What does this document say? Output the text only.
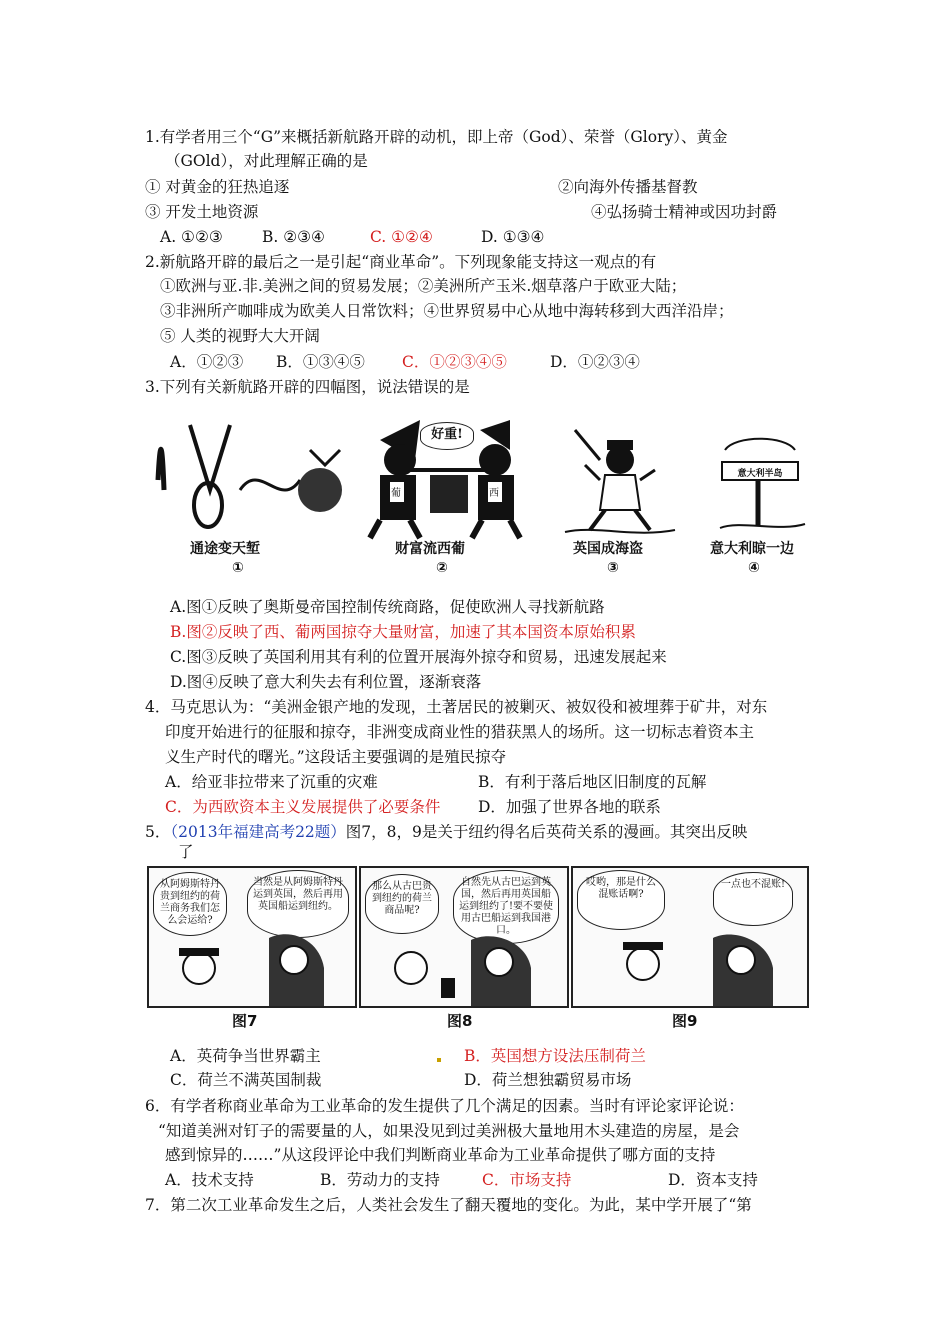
1.有学者用三个“G”来概括新航路开辟的动机，即上帝（God）、荣誉（Glory）、黄金
（GOld），对此理解正确的是
① 对黄金的狂热追逐	②向海外传播基督教
③ 开发土地资源	④弘扬骑士精神或因功封爵
A. ①②③	B. ②③④	C. ①②④	D. ①③④
2.新航路开辟的最后之一是引起“商业革命”。下列现象能支持这一观点的有
①欧洲与亚.非.美洲之间的贸易发展；②美洲所产玉米.烟草落户于欧亚大陆；
③非洲所产咖啡成为欧美人日常饮料；④世界贸易中心从地中海转移到大西洋沿岸；
⑤ 人类的视野大大开阔
A．①②③ B．①③④⑤ C．①②③④⑤	D．①②③④
3.下列有关新航路开辟的四幅图，说法错误的是
通途变天堑
①
好重!
葡	西
财富流西葡
②
英国成海盗
③
意大利半岛
意大利晾一边
④
A.图①反映了奥斯曼帝国控制传统商路，促使欧洲人寻找新航路
B.图②反映了西、葡两国掠夺大量财富，加速了其本国资本原始积累
C.图③反映了英国利用其有利的位置开展海外掠夺和贸易，迅速发展起来
D.图④反映了意大利失去有利位置，逐渐衰落
4．马克思认为：“美洲金银产地的发现，土著居民的被剿灭、被奴役和被埋葬于矿井，对东
印度开始进行的征服和掠夺，非洲变成商业性的猎获黑人的场所。这一切标志着资本主
义生产时代的曙光。”这段话主要强调的是殖民掠夺
A．给亚非拉带来了沉重的灾难	B．有利于落后地区旧制度的瓦解
C．为西欧资本主义发展提供了必要条件 D．加强了世界各地的联系
5．（2013年福建高考22题）图7，8，9是关于纽约得名后英荷关系的漫画。其突出反映
了
从阿姆斯特丹贵到纽约的荷兰商务我们怎么会运给?
当然是从阿姆斯特丹运到英国，然后再用英国船运到纽约。
图7
那么从古巴贵到纽约的荷兰商品呢?
自然先从古巴运到英国，然后再用英国船运到纽约了!要不要使用古巴船运到我国港口。
图8
哎哟，那是什么混账话啊?
一点也不混账!
图9
A．英荷争当世界霸主	B．英国想方设法压制荷兰
C．荷兰不满英国制裁	D．荷兰想独霸贸易市场
6．有学者称商业革命为工业革命的发生提供了几个满足的因素。当时有评论家评论说：
“知道美洲对钉子的需要量的人，如果没见到过美洲极大量地用木头建造的房屋，是会
感到惊异的……”从这段评论中我们判断商业革命为工业革命提供了哪方面的支持
A．技术支持	B．劳动力的支持	C．市场支持	D．资本支持
7．第二次工业革命发生之后，人类社会发生了翻天覆地的变化。为此，某中学开展了“第
